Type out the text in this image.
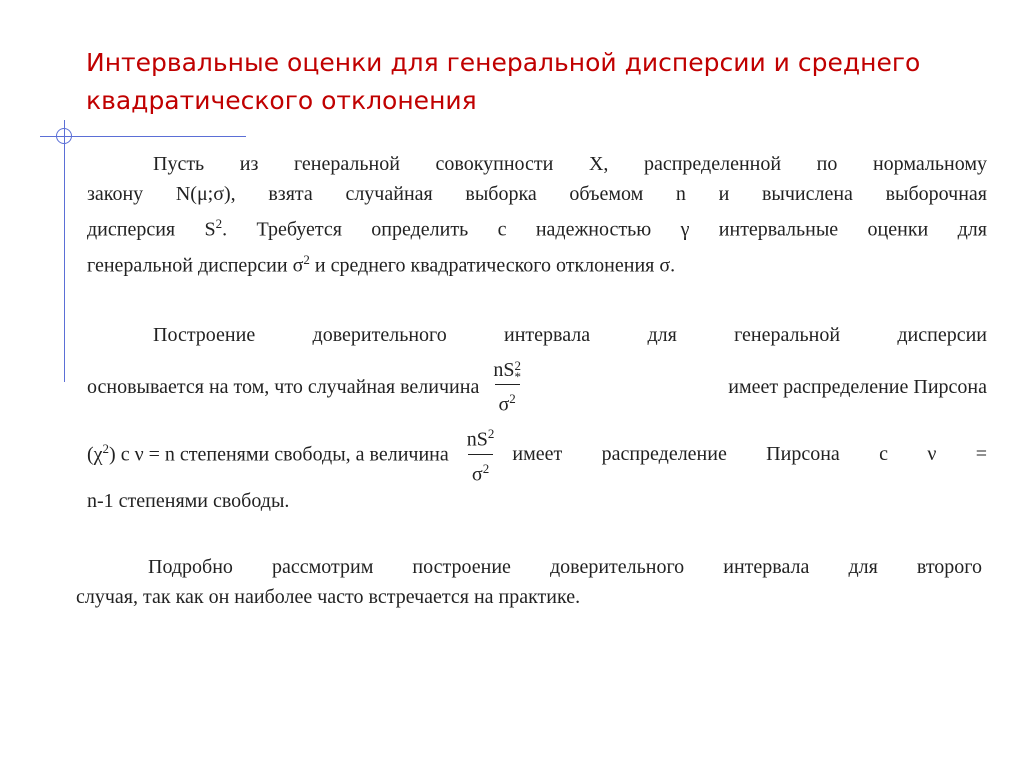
Интервальные оценки для генеральной дисперсии и среднего квадратического отклонения
Пусть из генеральной совокупности Х, распределенной по нормальному
закону N(μ;σ), взята случайная выборка объемом n и вычислена выборочная
дисперсия $S^2$. Требуется определить с надежностью γ интервальные оценки для
генеральной дисперсии $\sigma^2$ и среднего квадратического отклонения σ.
Построение доверительного интервала для генеральной дисперсии
основывается на том, что случайная величина nS 2
*
$\sigma^2$	имеет распределение Пирсона
$(\chi^2)$ с ν = n степенями свободы, а величина $\frac{nS^2}{\sigma^2}$ имеет распределение Пирсона с ν =
n-1 степенями свободы.
Подробно рассмотрим построение доверительного интервала для второго
случая, так как он наиболее часто встречается на практике.
